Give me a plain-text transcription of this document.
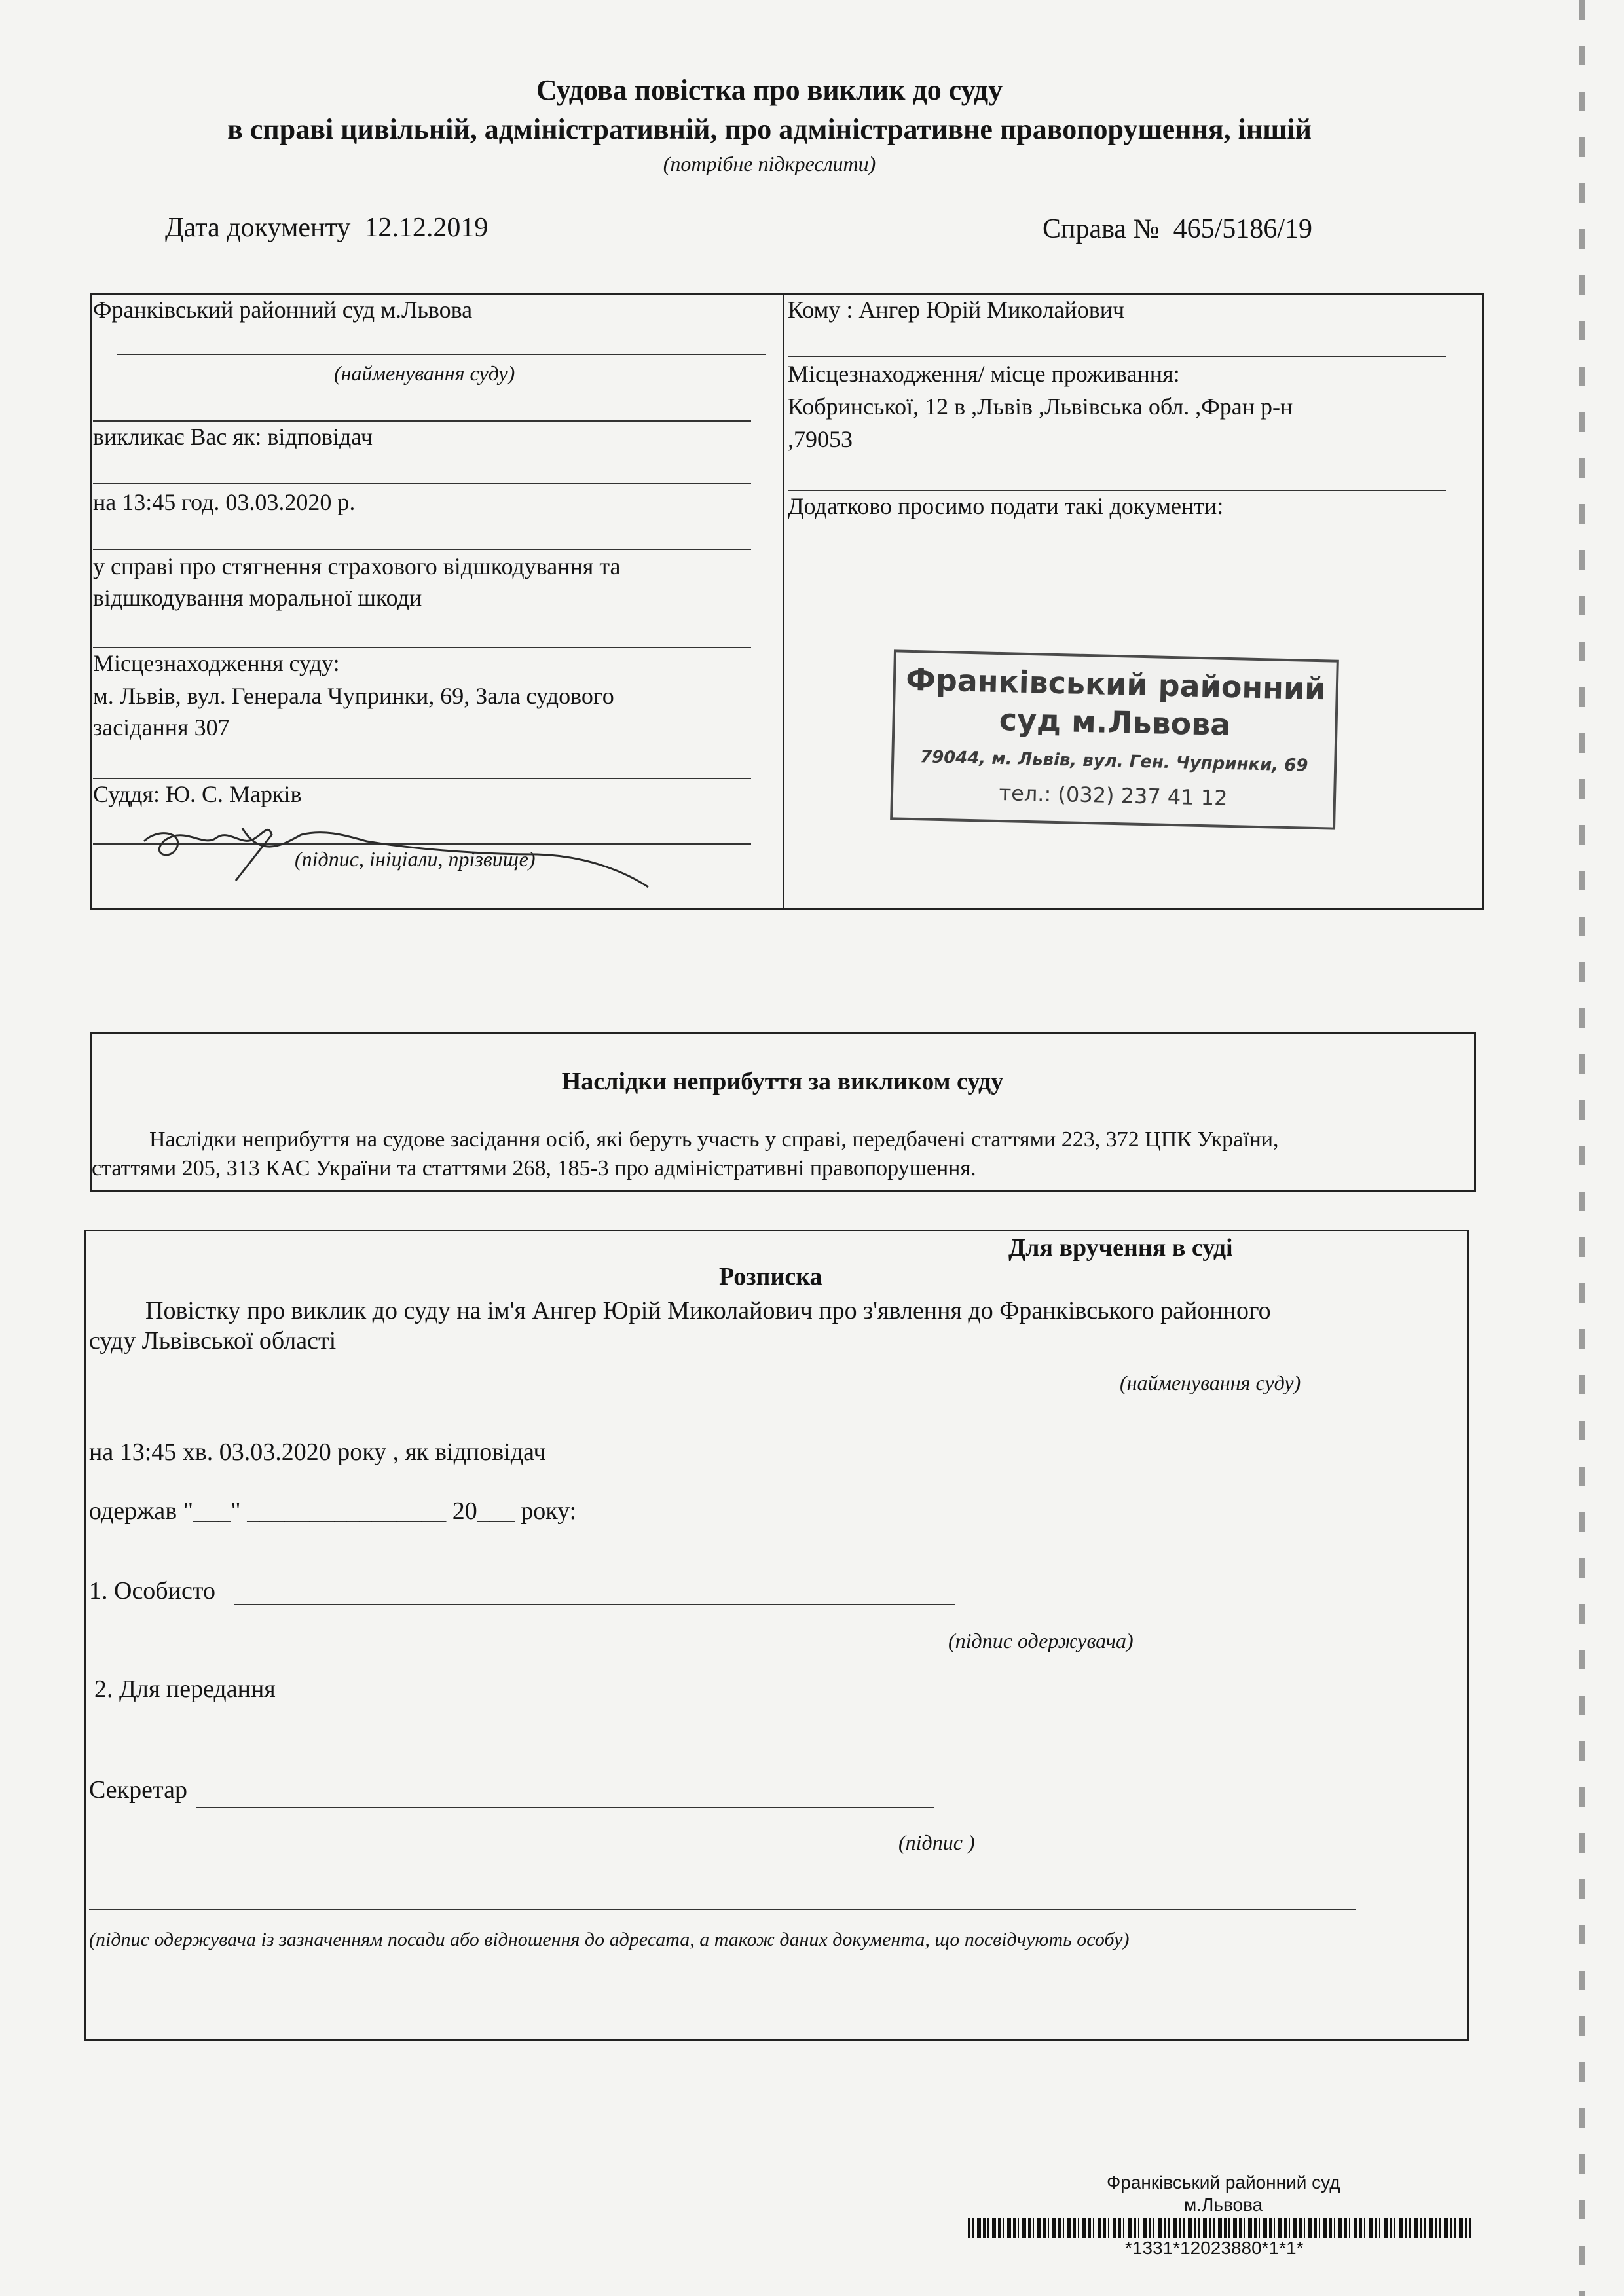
Судова повістка про виклик до суду
в справі цивільній, адміністративній, про адміністративне правопорушення, іншій
(потрібне підкреслити)
Дата документу 12.12.2019	Справа № 465/5186/19
Франківський районний суд м.Львова
(найменування суду)
викликає Вас як: відповідач
на 13:45 год. 03.03.2020 р.
у справі про стягнення страхового відшкодування та
відшкодування моральної шкоди
Місцезнаходження суду:
м. Львів, вул. Генерала Чупринки, 69, Зала судового
засідання 307
Суддя: Ю. С. Марків
(підпис, ініціали, прізвище)
Кому : Ангер Юрій Миколайович
Місцезнаходження/ місце проживання:
Кобринської, 12 в ,Львів ,Львівська обл. ,Фран р-н
,79053
Додатково просимо подати такі документи:
Франківський районний
суд м.Львова
79044, м. Львів, вул. Ген. Чупринки, 69
тел.: (032) 237 41 12
Наслідки неприбуття за викликом суду
Наслідки неприбуття на судове засідання осіб, які беруть участь у справі, передбачені статтями 223, 372 ЦПК України,
статтями 205, 313 КАС України та статтями 268, 185-3 про адміністративні правопорушення.
Для вручення в суді
Розписка
Повістку про виклик до суду на ім'я Ангер Юрій Миколайович про з'явлення до Франківського районного
суду Львівської області
(найменування суду)
на 13:45 хв. 03.03.2020 року , як відповідач
одержав "___" ________________ 20___ року:
1. Особисто
(підпис одержувача)
2. Для передання
Секретар
(підпис )
(підпис одержувача із зазначенням посади або відношення до адресата, а також даних документа, що посвідчують особу)
Франківський районний суд
м.Львова
*1331*12023880*1*1*
